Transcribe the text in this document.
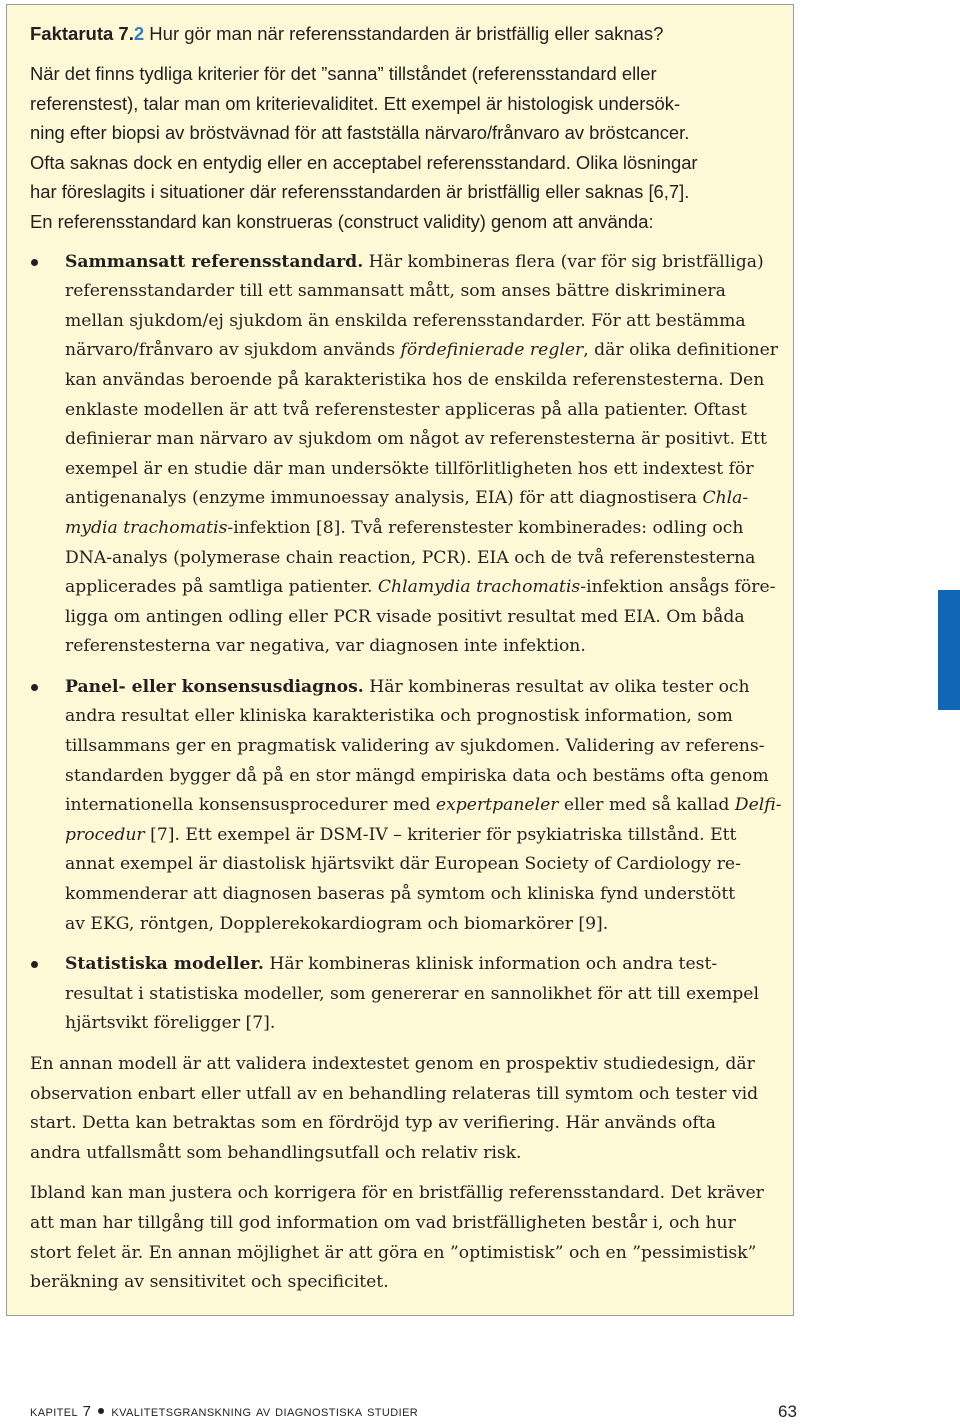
Faktaruta 7.2 Hur gör man när referensstandarden är bristfällig eller saknas?

När det finns tydliga kriterier för det ”sanna” tillståndet (referensstandard eller
referenstest), talar man om kriterievaliditet. Ett exempel är histologisk undersök-
ning efter biopsi av bröstvävnad för att fastställa närvaro/frånvaro av bröstcancer.
Ofta saknas dock en entydig eller en acceptabel referensstandard. Olika lösningar
har föreslagits i situationer där referensstandarden är bristfällig eller saknas [6,7].
En referensstandard kan konstrueras (construct validity) genom att använda:
Sammansatt referensstandard. Här kombineras flera (var för sig bristfälliga)
referensstandarder till ett sammansatt mått, som anses bättre diskriminera
mellan sjukdom/ej sjukdom än enskilda referensstandarder. För att bestämma
närvaro/frånvaro av sjukdom används fördefinierade regler, där olika definitioner
kan användas beroende på karakteristika hos de enskilda referenstesterna. Den
enklaste modellen är att två referenstester appliceras på alla patienter. Oftast
definierar man närvaro av sjukdom om något av referenstesterna är positivt. Ett
exempel är en studie där man undersökte tillförlitligheten hos ett indextest för
antigenanalys (enzyme immunoessay analysis, EIA) för att diagnostisera Chla-
mydia trachomatis-infektion [8]. Två referenstester kombinerades: odling och
DNA-analys (polymerase chain reaction, PCR). EIA och de två referenstesterna
applicerades på samtliga patienter. Chlamydia trachomatis-infektion ansågs före-
ligga om antingen odling eller PCR visade positivt resultat med EIA. Om båda
referenstesterna var negativa, var diagnosen inte infektion.
Panel- eller konsensusdiagnos. Här kombineras resultat av olika tester och
andra resultat eller kliniska karakteristika och prognostisk information, som
tillsammans ger en pragmatisk validering av sjukdomen. Validering av referens-
standarden bygger då på en stor mängd empiriska data och bestäms ofta genom
internationella konsensusprocedurer med expertpaneler eller med så kallad Delfi-
procedur [7]. Ett exempel är DSM-IV – kriterier för psykiatriska tillstånd. Ett
annat exempel är diastolisk hjärtsvikt där European Society of Cardiology re-
kommenderar att diagnosen baseras på symtom och kliniska fynd understött
av EKG, röntgen, Dopplerekokardiogram och biomarkörer [9].
Statistiska modeller. Här kombineras klinisk information och andra test-
resultat i statistiska modeller, som genererar en sannolikhet för att till exempel
hjärtsvikt föreligger [7].
En annan modell är att validera indextestet genom en prospektiv studiedesign, där
observation enbart eller utfall av en behandling relateras till symtom och tester vid
start. Detta kan betraktas som en fördröjd typ av verifiering. Här används ofta
andra utfallsmått som behandlingsutfall och relativ risk.
Ibland kan man justera och korrigera för en bristfällig referensstandard. Det kräver
att man har tillgång till god information om vad bristfälligheten består i, och hur
stort felet är. En annan möjlighet är att göra en ”optimistisk” och en ”pessimistisk”
beräkning av sensitivitet och specificitet.
kapitel 7 kvalitetsgranskning av diagnostiska studier	63
